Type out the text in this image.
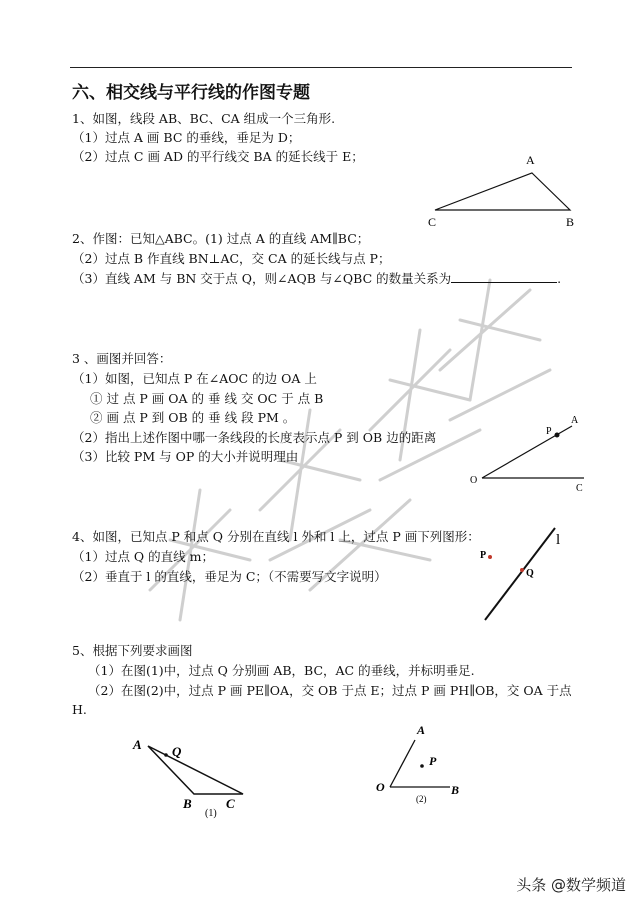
六、相交线与平行线的作图专题
1、如图，线段 AB、BC、CA 组成一个三角形.
（1）过点 A 画 BC 的垂线，垂足为 D；
（2）过点 C 画 AD 的平行线交 BA 的延长线于 E；	A
B
C
2、作图：已知△ABC。(1) 过点 A 的直线 AM∥BC；
（2）过点 B 作直线 BN⊥AC，交 CA 的延长线与点 P；
（3）直线 AM 与 BN 交于点 Q，则∠AQB 与∠QBC 的数量关系为	.
3 、画图并回答：
（1）如图，已知点 P 在∠AOC 的边 OA 上
① 过 点 P 画 OA 的 垂 线 交 OC 于 点 B
② 画 点 P 到 OB 的 垂 线 段 PM 。
（2）指出上述作图中哪一条线段的长度表示点 P 到 OB 边的距离
（3）比较 PM 与 OP 的大小并说明理由
P
A
O
C
4、如图，已知点 P 和点 Q 分别在直线 l 外和 l 上，过点 P 画下列图形：
（1）过点 Q 的直线 m；
（2）垂直于 l 的直线，垂足为 C；（不需要写文字说明）
l
P
Q
5、根据下列要求画图
（1）在图(1)中，过点 Q 分别画 AB，BC，AC 的垂线，并标明垂足.
（2）在图(2)中，过点 P 画 PE∥OA，交 OB 于点 E；过点 P 画 PH∥OB，交 OA 于点
H.
A Q
B	C
(1)
A
P
O	B
(2)
头条 @数学频道
